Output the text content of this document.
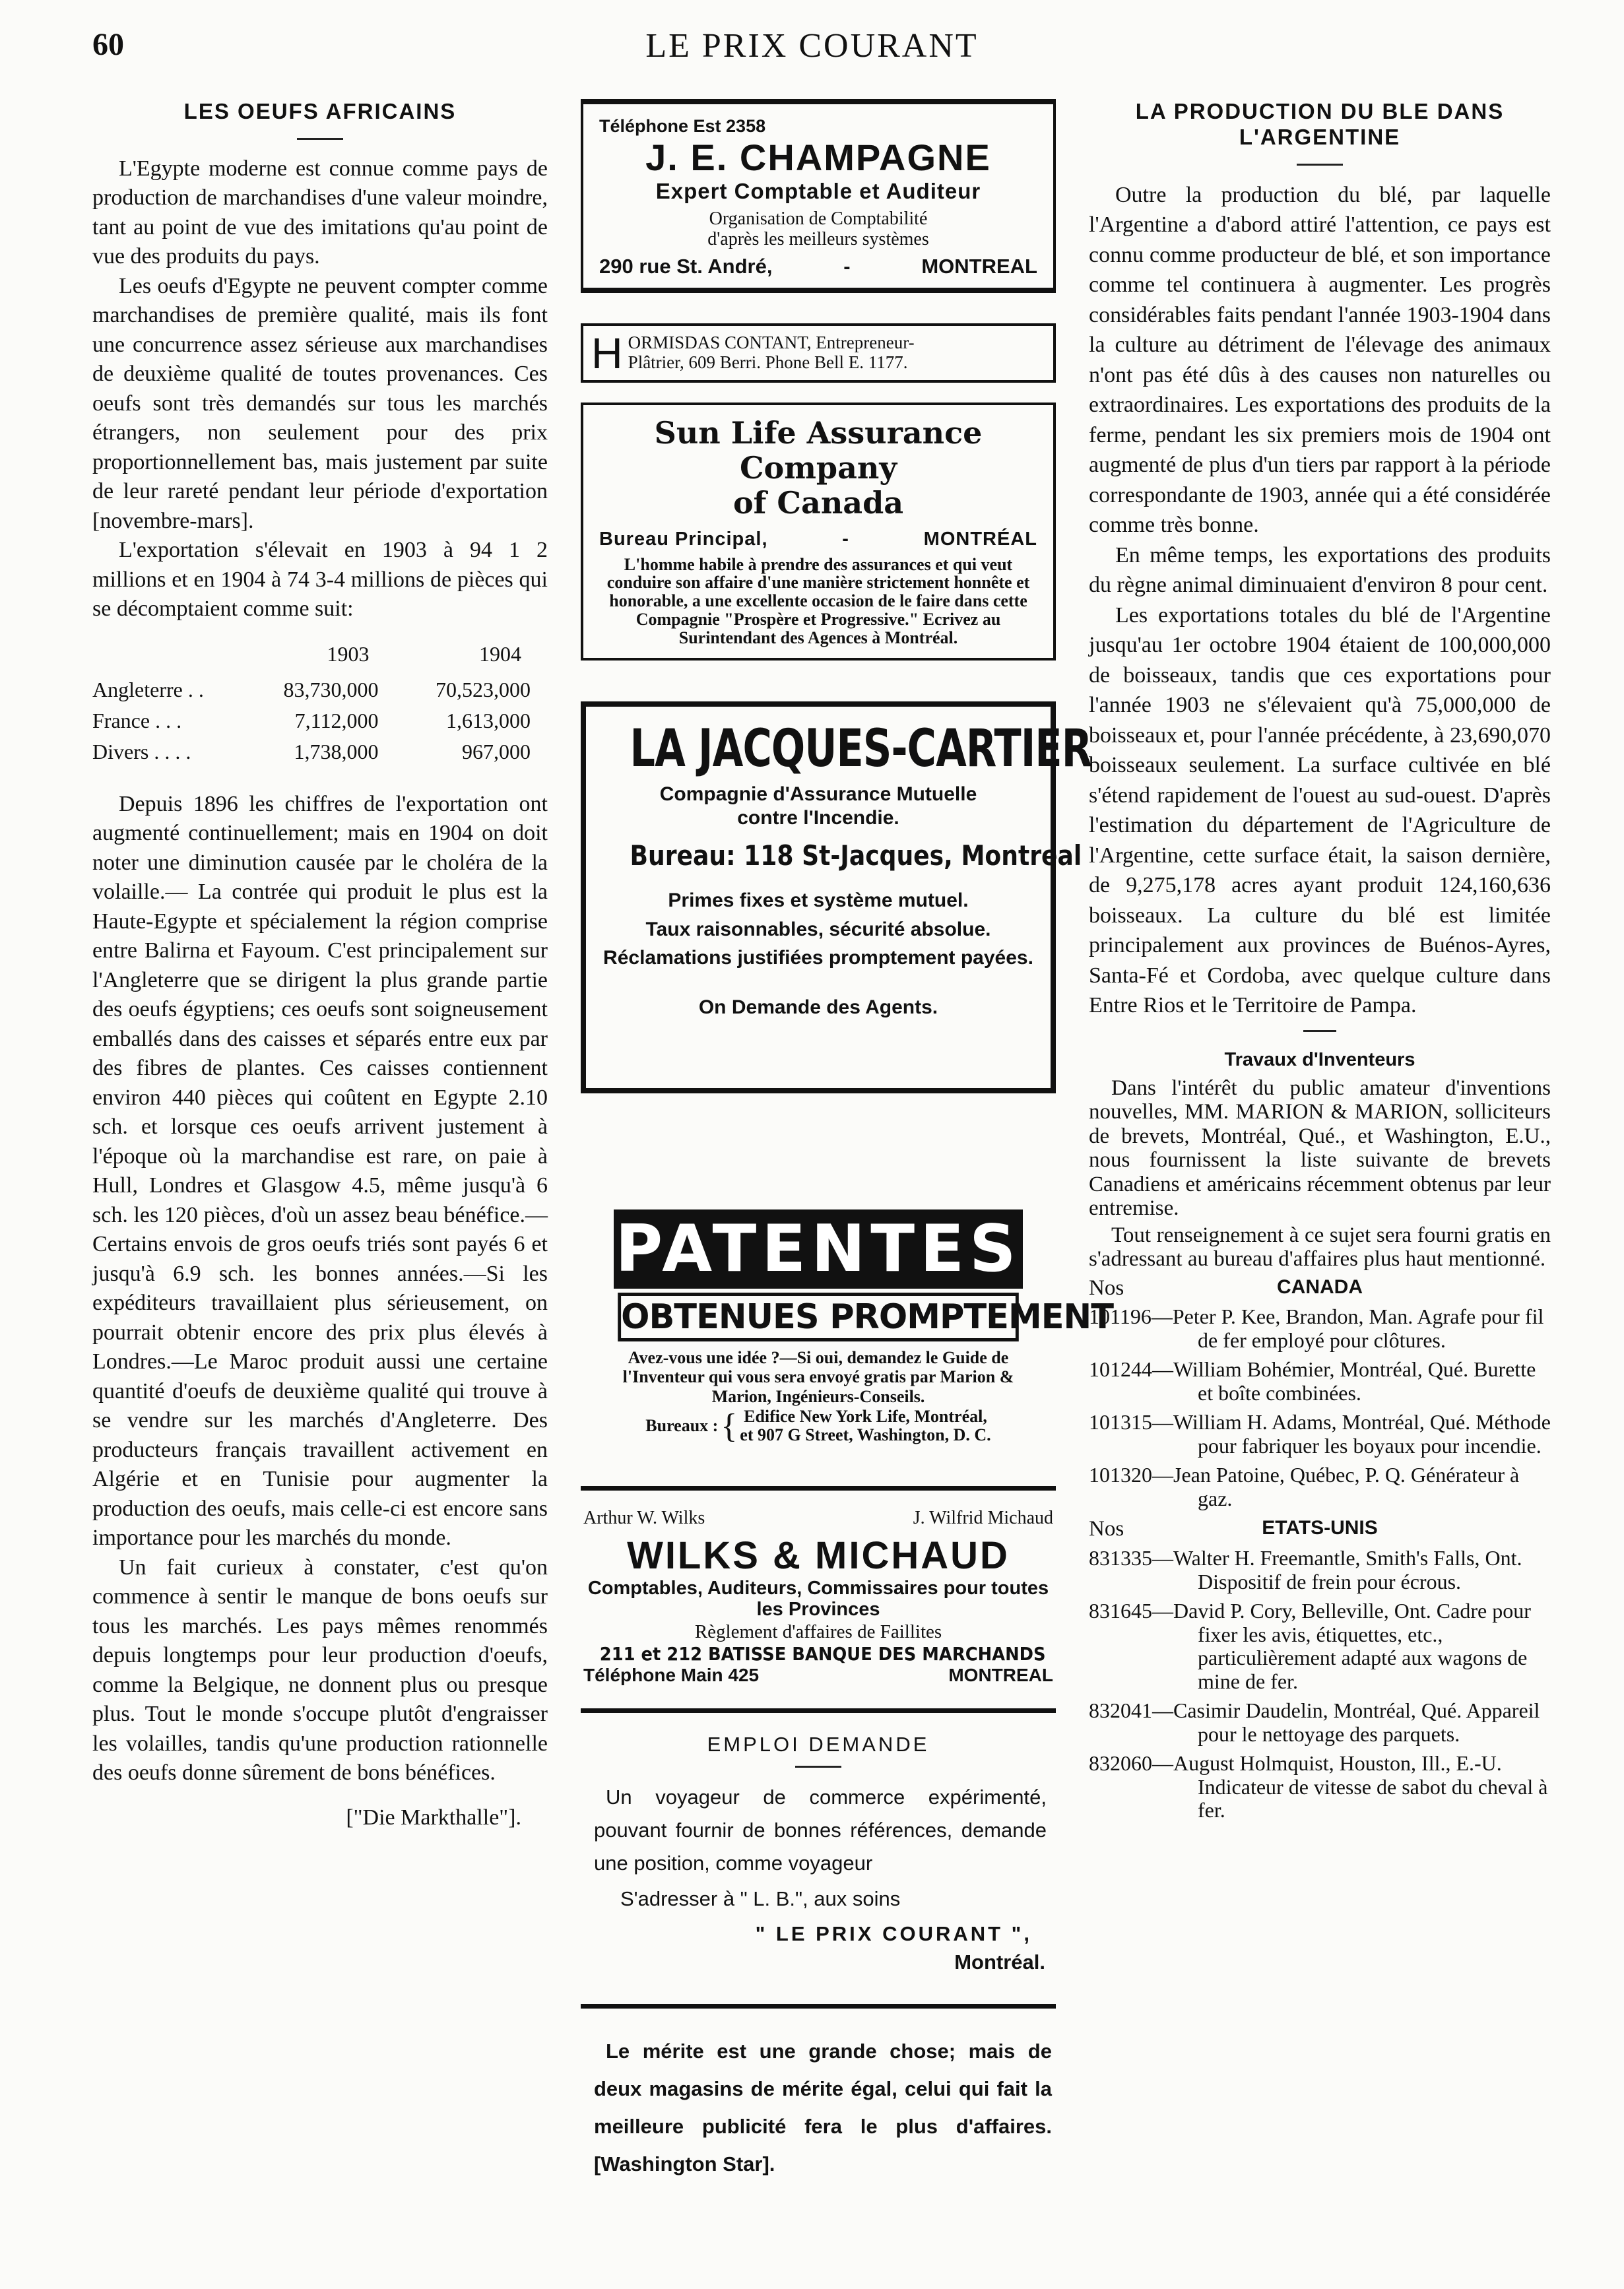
60	LE PRIX COURANT
LES OEUFS AFRICAINS

L'Egypte moderne est connue comme pays de production de marchandises d'une valeur moindre, tant au point de vue des imitations qu'au point de vue des produits du pays.

Les oeufs d'Egypte ne peuvent compter comme marchandises de première qualité, mais ils font une concurrence assez sérieuse aux marchandises de deuxième qualité de toutes provenances. Ces oeufs sont très demandés sur tous les marchés étrangers, non seulement pour des prix proportionnellement bas, mais justement par suite de leur rareté pendant leur période d'exportation [novembre-mars].

L'exportation s'élevait en 1903 à 94 1 2 millions et en 1904 à 74 3-4 millions de pièces qui se décomptaient comme suit:

	1903	1904
Angleterre . .	83,730,000	70,523,000
France . . .	7,112,000	1,613,000
Divers . . . .	1,738,000	967,000

Depuis 1896 les chiffres de l'exportation ont augmenté continuellement; mais en 1904 on doit noter une diminution causée par le choléra de la volaille.— La contrée qui produit le plus est la Haute-Egypte et spécialement la région comprise entre Balirna et Fayoum. C'est principalement sur l'Angleterre que se dirigent la plus grande partie des oeufs égyptiens; ces oeufs sont soigneusement emballés dans des caisses et séparés entre eux par des fibres de plantes. Ces caisses contiennent environ 440 pièces qui coûtent en Egypte 2.10 sch. et lorsque ces oeufs arrivent justement à l'époque où la marchandise est rare, on paie à Hull, Londres et Glasgow 4.5, même jusqu'à 6 sch. les 120 pièces, d'où un assez beau bénéfice.—Certains envois de gros oeufs triés sont payés 6 et jusqu'à 6.9 sch. les bonnes années.—Si les expéditeurs travaillaient plus sérieusement, on pourrait obtenir encore des prix plus élevés à Londres.—Le Maroc produit aussi une certaine quantité d'oeufs de deuxième qualité qui trouve à se vendre sur les marchés d'Angleterre. Des producteurs français travaillent activement en Algérie et en Tunisie pour augmenter la production des oeufs, mais celle-ci est encore sans importance pour les marchés du monde.

Un fait curieux à constater, c'est qu'on commence à sentir le manque de bons oeufs sur tous les marchés. Les pays mêmes renommés depuis longtemps pour leur production d'oeufs, comme la Belgique, ne donnent plus ou presque plus. Tout le monde s'occupe plutôt d'engraisser les volailles, tandis qu'une production rationnelle des oeufs donne sûrement de bons bénéfices.

["Die Markthalle"].
Téléphone Est 2358
J. E. CHAMPAGNE
Expert Comptable et Auditeur
Organisation de Comptabilité
d'après les meilleurs systèmes
290 rue St. André,	-	MONTREAL
H ORMISDAS CONTANT, Entrepreneur-
Plâtrier, 609 Berri. Phone Bell E. 1177.
Sun Life Assurance Company
of Canada
Bureau Principal,	-	MONTRÉAL
L'homme habile à prendre des assurances et qui veut conduire son affaire d'une manière strictement honnête et honorable, a une excellente occasion de le faire dans cette Compagnie "Prospère et Progressive." Ecrivez au Surintendant des Agences à Montréal.
LA JACQUES-CARTIER
Compagnie d'Assurance Mutuelle
contre l'Incendie.
Bureau: 118 St-Jacques, Montreal
Primes fixes et système mutuel.
Taux raisonnables, sécurité absolue.
Réclamations justifiées promptement payées.
On Demande des Agents.
PATENTES
OBTENUES PROMPTEMENT
Avez-vous une idée ?—Si oui, demandez le Guide de l'Inventeur qui vous sera envoyé gratis par Marion & Marion, Ingénieurs-Conseils.
Bureaux : { Edifice New York Life, Montréal,
et 907 G Street, Washington, D. C.
Arthur W. Wilks	J. Wilfrid Michaud
WILKS & MICHAUD
Comptables, Auditeurs, Commissaires pour toutes les Provinces
Règlement d'affaires de Faillites
211 et 212 BATISSE BANQUE DES MARCHANDS
Téléphone Main 425	MONTREAL
EMPLOI DEMANDE
Un voyageur de commerce expérimenté, pouvant fournir de bonnes références, demande une position, comme voyageur
S'adresser à " L. B.", aux soins
" LE PRIX COURANT ",
Montréal.
Le mérite est une grande chose; mais de deux magasins de mérite égal, celui qui fait la meilleure publicité fera le plus d'affaires. [Washington Star].
LA PRODUCTION DU BLE DANS
L'ARGENTINE

Outre la production du blé, par laquelle l'Argentine a d'abord attiré l'attention, ce pays est connu comme producteur de blé, et son importance comme tel continuera à augmenter. Les progrès considérables faits pendant l'année 1903-1904 dans la culture au détriment de l'élevage des animaux n'ont pas été dûs à des causes non naturelles ou extraordinaires. Les exportations des produits de la ferme, pendant les six premiers mois de 1904 ont augmenté de plus d'un tiers par rapport à la période correspondante de 1903, année qui a été considérée comme très bonne.

En même temps, les exportations des produits du règne animal diminuaient d'environ 8 pour cent.

Les exportations totales du blé de l'Argentine jusqu'au 1er octobre 1904 étaient de 100,000,000 de boisseaux, tandis que ces exportations pour l'année 1903 ne s'élevaient qu'à 75,000,000 de boisseaux et, pour l'année précédente, à 23,690,070 boisseaux seulement. La surface cultivée en blé s'étend rapidement de l'ouest au sud-ouest. D'après l'estimation du département de l'Agriculture de l'Argentine, cette surface était, la saison dernière, de 9,275,178 acres ayant produit 124,160,636 boisseaux. La culture du blé est limitée principalement aux provinces de Buénos-Ayres, Santa-Fé et Cordoba, avec quelque culture dans Entre Rios et le Territoire de Pampa.

Travaux d'Inventeurs

Dans l'intérêt du public amateur d'inventions nouvelles, MM. MARION & MARION, solliciteurs de brevets, Montréal, Qué., et Washington, E.U., nous fournissent la liste suivante de brevets Canadiens et américains récemment obtenus par leur entremise.

Tout renseignement à ce sujet sera fourni gratis en s'adressant au bureau d'affaires plus haut mentionné.

Nos	CANADA
101196—Peter P. Kee, Brandon, Man. Agrafe pour fil de fer employé pour clôtures.
101244—William Bohémier, Montréal, Qué. Burette et boîte combinées.
101315—William H. Adams, Montréal, Qué. Méthode pour fabriquer les boyaux pour incendie.
101320—Jean Patoine, Québec, P. Q. Générateur à gaz.
Nos	ETATS-UNIS
831335—Walter H. Freemantle, Smith's Falls, Ont. Dispositif de frein pour écrous.
831645—David P. Cory, Belleville, Ont. Cadre pour fixer les avis, étiquettes, etc., particulièrement adapté aux wagons de mine de fer.
832041—Casimir Daudelin, Montréal, Qué. Appareil pour le nettoyage des parquets.
832060—August Holmquist, Houston, Ill., E.-U. Indicateur de vitesse de sabot du cheval à fer.
